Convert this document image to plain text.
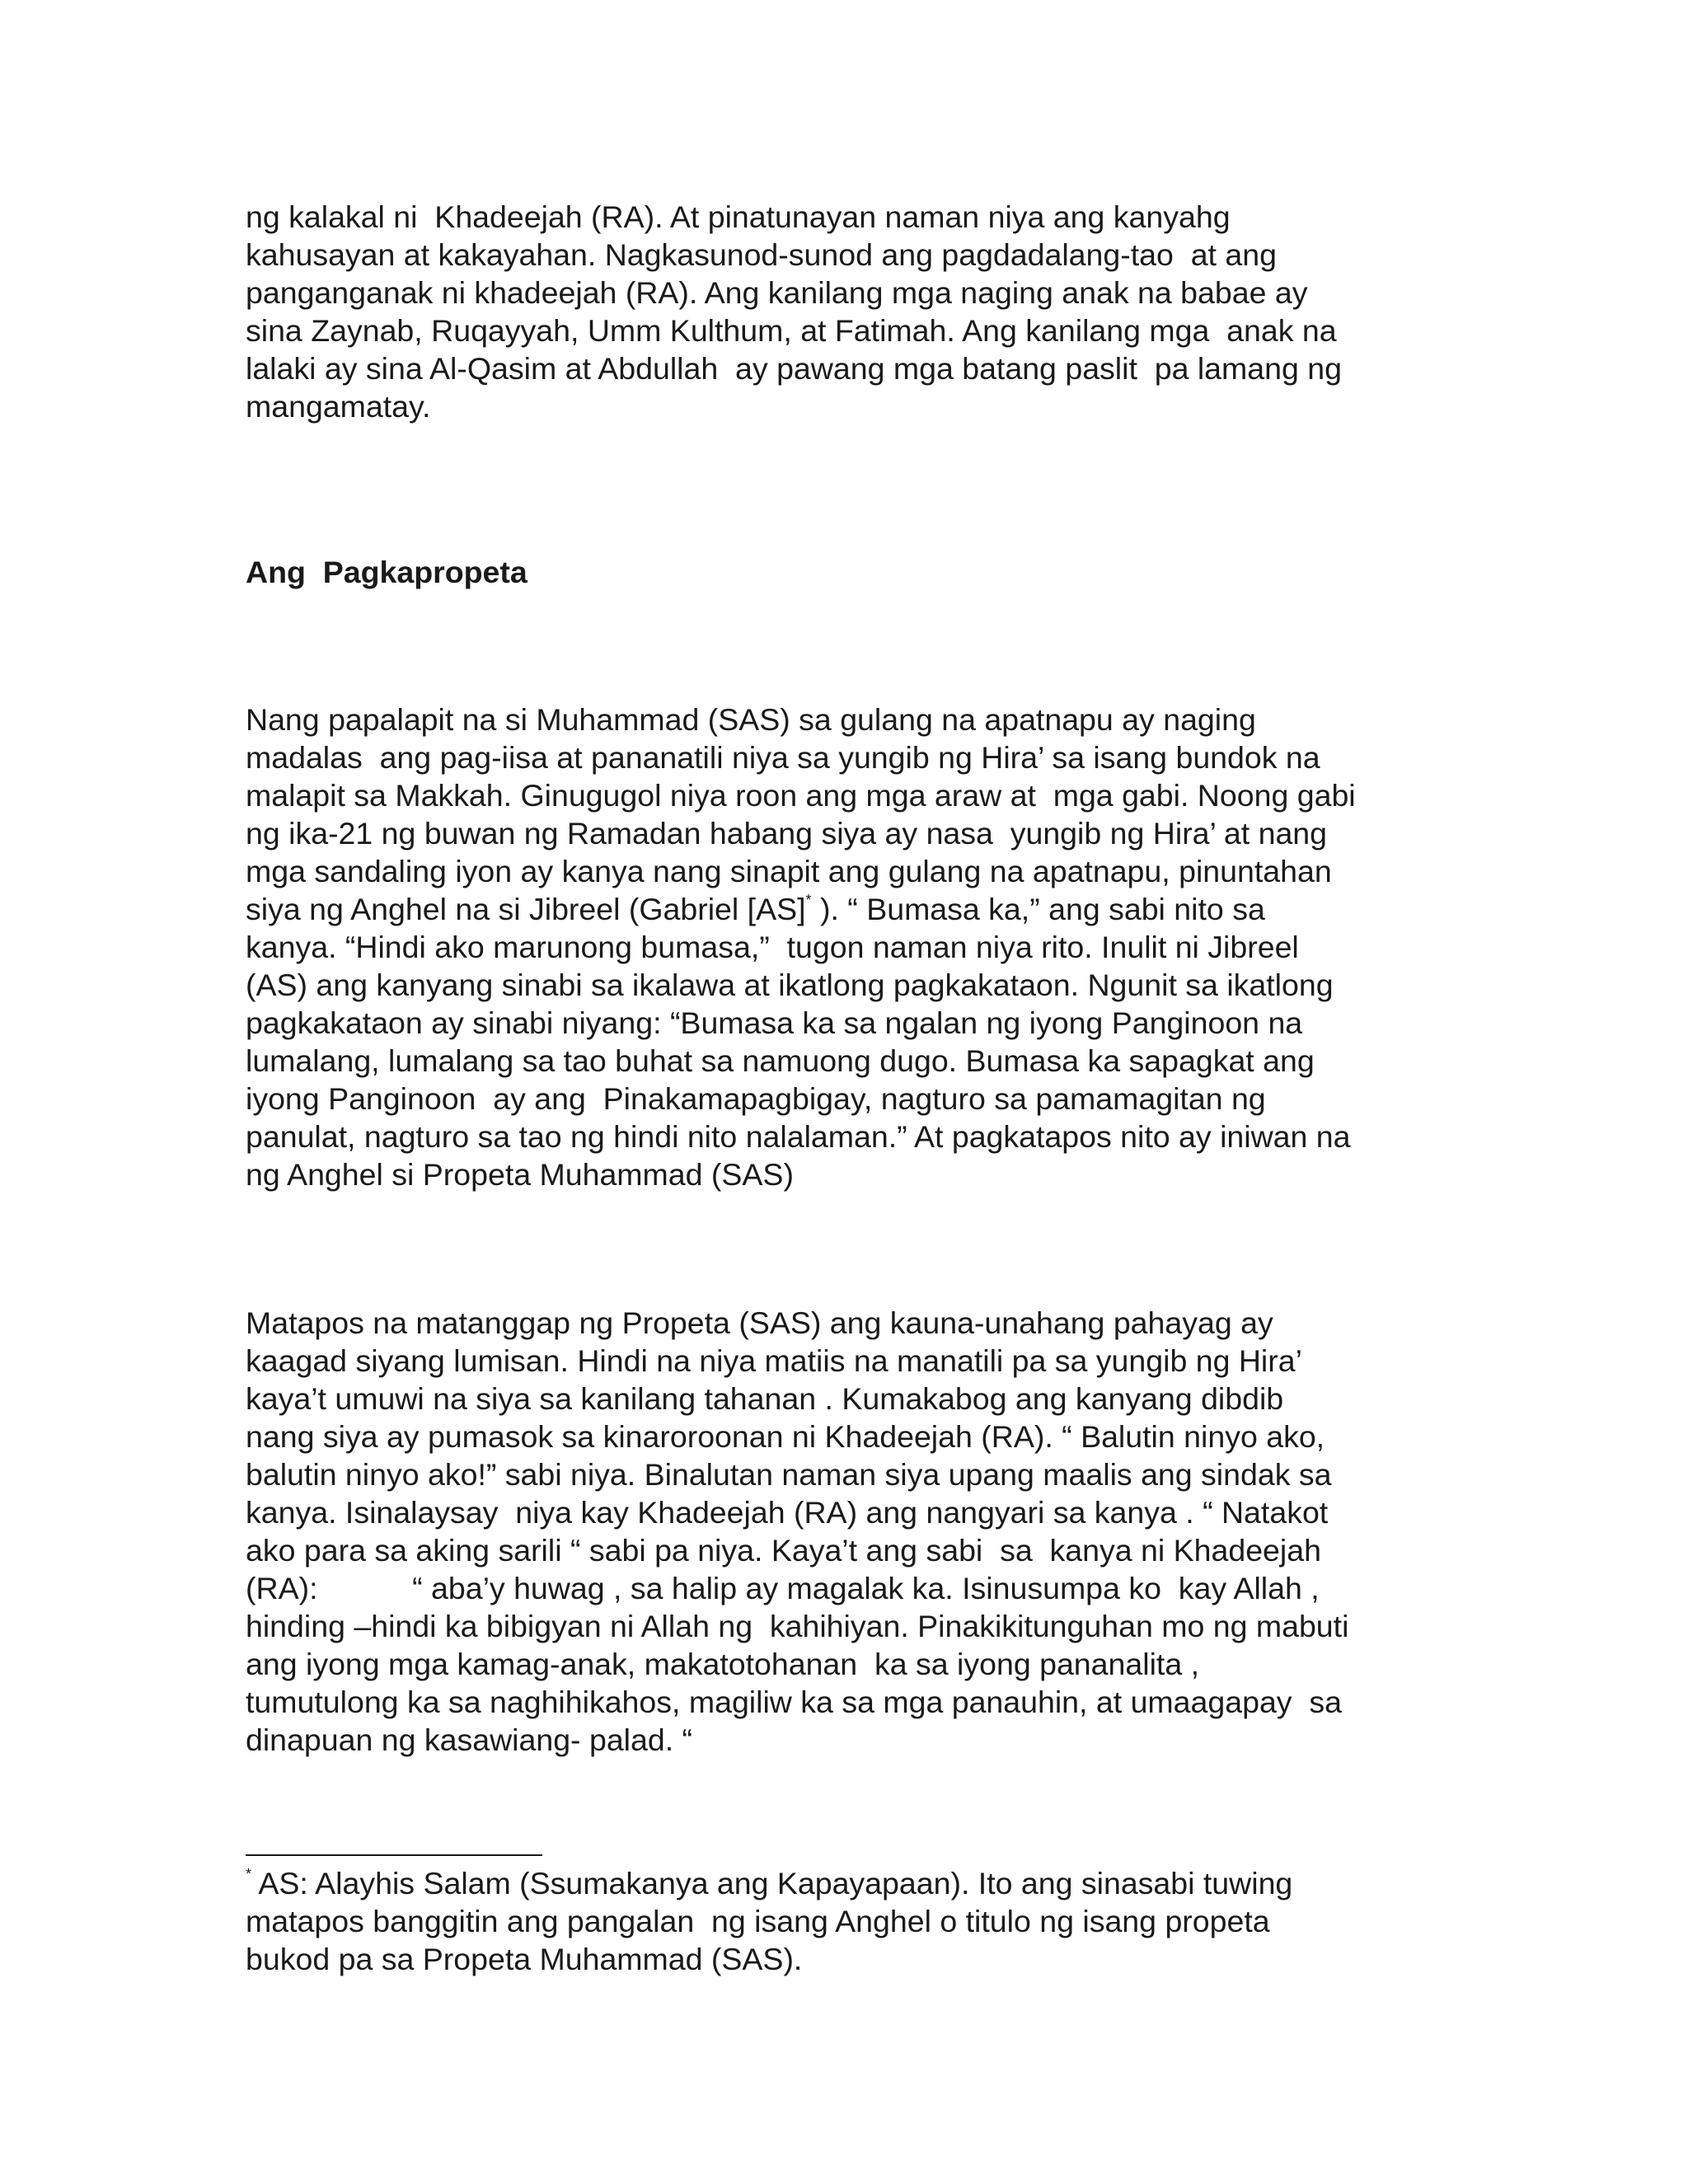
ng kalakal ni  Khadeejah (RA). At pinatunayan naman niya ang kanyahg
kahusayan at kakayahan. Nagkasunod-sunod ang pagdadalang-tao  at ang
panganganak ni khadeejah (RA). Ang kanilang mga naging anak na babae ay
sina Zaynab, Ruqayyah, Umm Kulthum, at Fatimah. Ang kanilang mga  anak na
lalaki ay sina Al-Qasim at Abdullah  ay pawang mga batang paslit  pa lamang ng
mangamatay.

Ang  Pagkapropeta

Nang papalapit na si Muhammad (SAS) sa gulang na apatnapu ay naging
madalas  ang pag-iisa at pananatili niya sa yungib ng Hira’ sa isang bundok na
malapit sa Makkah. Ginugugol niya roon ang mga araw at  mga gabi. Noong gabi
ng ika-21 ng buwan ng Ramadan habang siya ay nasa  yungib ng Hira’ at nang
mga sandaling iyon ay kanya nang sinapit ang gulang na apatnapu, pinuntahan
siya ng Anghel na si Jibreel (Gabriel [AS]* ). “ Bumasa ka,” ang sabi nito sa
kanya. “Hindi ako marunong bumasa,”  tugon naman niya rito. Inulit ni Jibreel
(AS) ang kanyang sinabi sa ikalawa at ikatlong pagkakataon. Ngunit sa ikatlong
pagkakataon ay sinabi niyang: “Bumasa ka sa ngalan ng iyong Panginoon na
lumalang, lumalang sa tao buhat sa namuong dugo. Bumasa ka sapagkat ang
iyong Panginoon  ay ang  Pinakamapagbigay, nagturo sa pamamagitan ng
panulat, nagturo sa tao ng hindi nito nalalaman.” At pagkatapos nito ay iniwan na
ng Anghel si Propeta Muhammad (SAS)

Matapos na matanggap ng Propeta (SAS) ang kauna-unahang pahayag ay
kaagad siyang lumisan. Hindi na niya matiis na manatili pa sa yungib ng Hira’
kaya’t umuwi na siya sa kanilang tahanan . Kumakabog ang kanyang dibdib
nang siya ay pumasok sa kinaroroonan ni Khadeejah (RA). “ Balutin ninyo ako,
balutin ninyo ako!” sabi niya. Binalutan naman siya upang maalis ang sindak sa
kanya. Isinalaysay  niya kay Khadeejah (RA) ang nangyari sa kanya . “ Natakot
ako para sa aking sarili “ sabi pa niya. Kaya’t ang sabi  sa  kanya ni Khadeejah
(RA):           “ aba’y huwag , sa halip ay magalak ka. Isinusumpa ko  kay Allah ,
hinding –hindi ka bibigyan ni Allah ng  kahihiyan. Pinakikitunguhan mo ng mabuti
ang iyong mga kamag-anak, makatotohanan  ka sa iyong pananalita ,
tumutulong ka sa naghihikahos, magiliw ka sa mga panauhin, at umaagapay  sa
dinapuan ng kasawiang- palad. “

* AS: Alayhis Salam (Ssumakanya ang Kapayapaan). Ito ang sinasabi tuwing
matapos banggitin ang pangalan  ng isang Anghel o titulo ng isang propeta
bukod pa sa Propeta Muhammad (SAS).
